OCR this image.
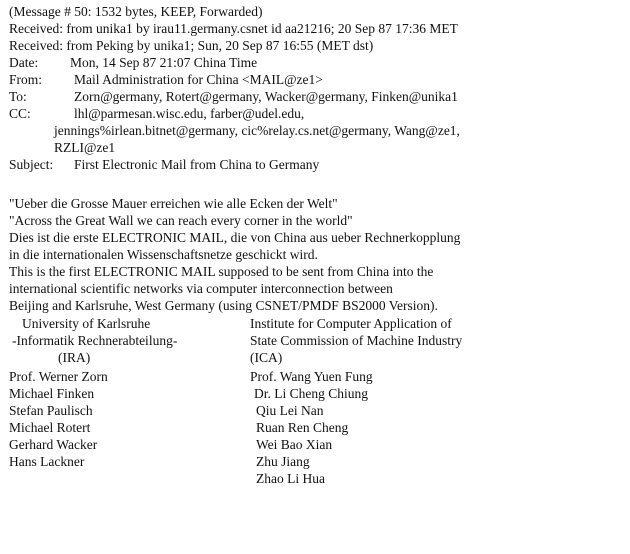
(Message # 50: 1532 bytes, KEEP, Forwarded)
Received: from unika1 by irau11.germany.csnet id aa21216; 20 Sep 87 17:36 MET
Received: from Peking by unika1; Sun, 20 Sep 87 16:55 (MET dst)
Date: Mon, 14 Sep 87 21:07 China Time
From: Mail Administration for China <MAIL@ze1>
To:	Zorn@germany, Rotert@germany, Wacker@germany, Finken@unika1
CC:	lhl@parmesan.wisc.edu, farber@udel.edu,
jennings%irlean.bitnet@germany, cic%relay.cs.net@germany, Wang@ze1,
RZLI@ze1
Subject: First Electronic Mail from China to Germany
"Ueber die Grosse Mauer erreichen wie alle Ecken der Welt"
"Across the Great Wall we can reach every corner in the world"
Dies ist die erste ELECTRONIC MAIL, die von China aus ueber Rechnerkopplung
in die internationalen Wissenschaftsnetze geschickt wird.
This is the first ELECTRONIC MAIL supposed to be sent from China into the
international scientific networks via computer interconnection between
Beijing and Karlsruhe, West Germany (using CSNET/PMDF BS2000 Version).
University of Karlsruhe
-Informatik Rechnerabteilung-
(IRA)
Prof. Werner Zorn
Michael Finken
Stefan Paulisch
Michael Rotert
Gerhard Wacker
Hans Lackner
Institute for Computer Application of
State Commission of Machine Industry
(ICA)
Prof. Wang Yuen Fung
Dr. Li Cheng Chiung
Qiu Lei Nan
Ruan Ren Cheng
Wei Bao Xian
Zhu Jiang
Zhao Li Hua
